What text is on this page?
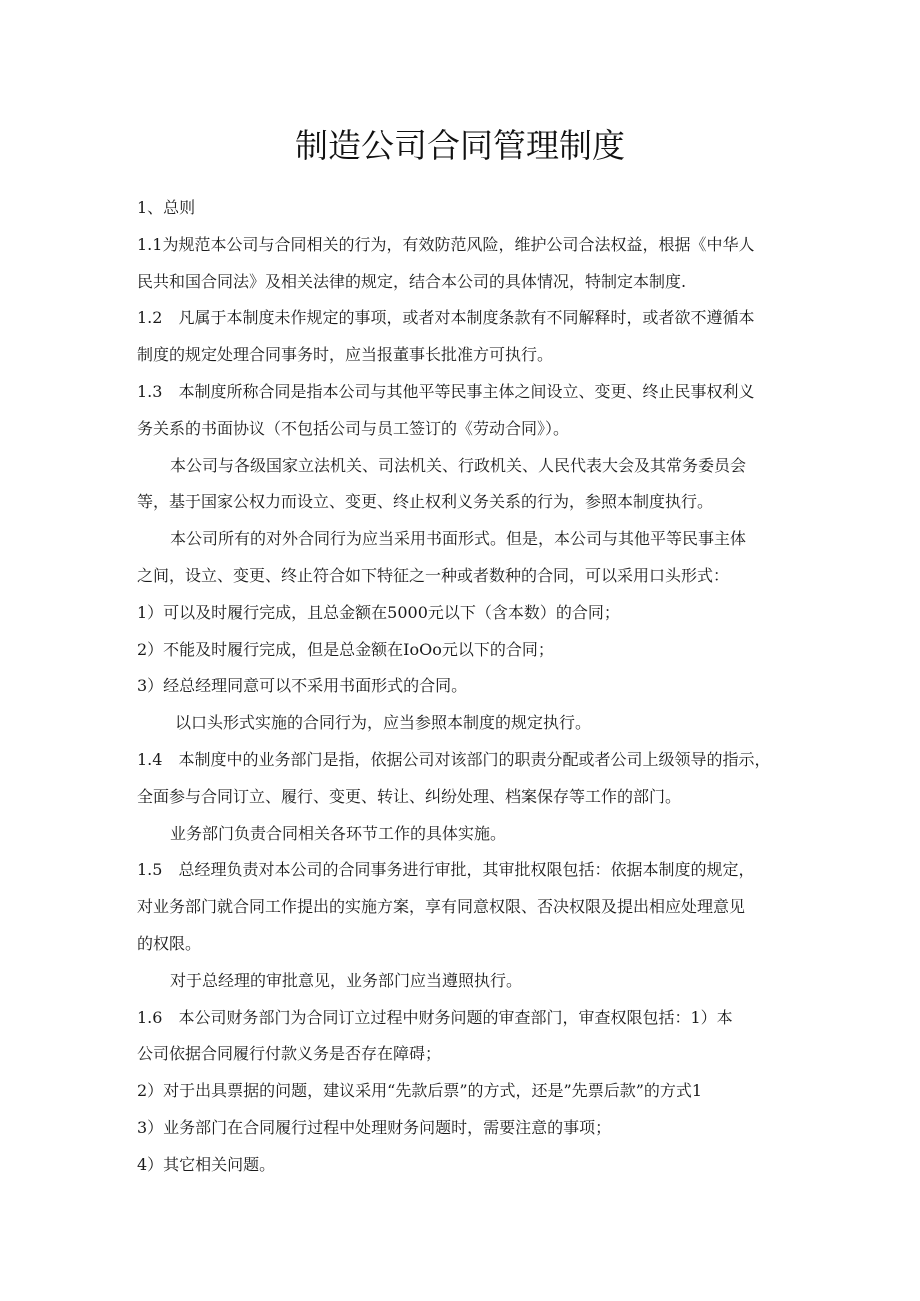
制造公司合同管理制度

1、总则

1.1为规范本公司与合同相关的行为，有效防范风险，维护公司合法权益，根据《中华人

民共和国合同法》及相关法律的规定，结合本公司的具体情况，特制定本制度.

1.2　凡属于本制度未作规定的事项，或者对本制度条款有不同解释时，或者欲不遵循本

制度的规定处理合同事务时，应当报董事长批准方可执行。

1.3　本制度所称合同是指本公司与其他平等民事主体之间设立、变更、终止民事权利义

务关系的书面协议（不包括公司与员工签订的《劳动合同》）。

本公司与各级国家立法机关、司法机关、行政机关、人民代表大会及其常务委员会

等，基于国家公权力而设立、变更、终止权利义务关系的行为，参照本制度执行。

本公司所有的对外合同行为应当采用书面形式。但是，本公司与其他平等民事主体

之间，设立、变更、终止符合如下特征之一种或者数种的合同，可以采用口头形式：

1）可以及时履行完成，且总金额在5000元以下（含本数）的合同；

2）不能及时履行完成，但是总金额在IoOo元以下的合同；

3）经总经理同意可以不采用书面形式的合同。

以口头形式实施的合同行为，应当参照本制度的规定执行。

1.4　本制度中的业务部门是指，依据公司对该部门的职责分配或者公司上级领导的指示，

全面参与合同订立、履行、变更、转让、纠纷处理、档案保存等工作的部门。

业务部门负责合同相关各环节工作的具体实施。

1.5　总经理负责对本公司的合同事务进行审批，其审批权限包括：依据本制度的规定，

对业务部门就合同工作提出的实施方案，享有同意权限、否决权限及提出相应处理意见

的权限。

对于总经理的审批意见，业务部门应当遵照执行。

1.6　本公司财务部门为合同订立过程中财务问题的审查部门，审查权限包括：1）本

公司依据合同履行付款义务是否存在障碍；

2）对于出具票据的问题，建议采用“先款后票”的方式，还是”先票后款”的方式1

3）业务部门在合同履行过程中处理财务问题时，需要注意的事项；

4）其它相关问题。
